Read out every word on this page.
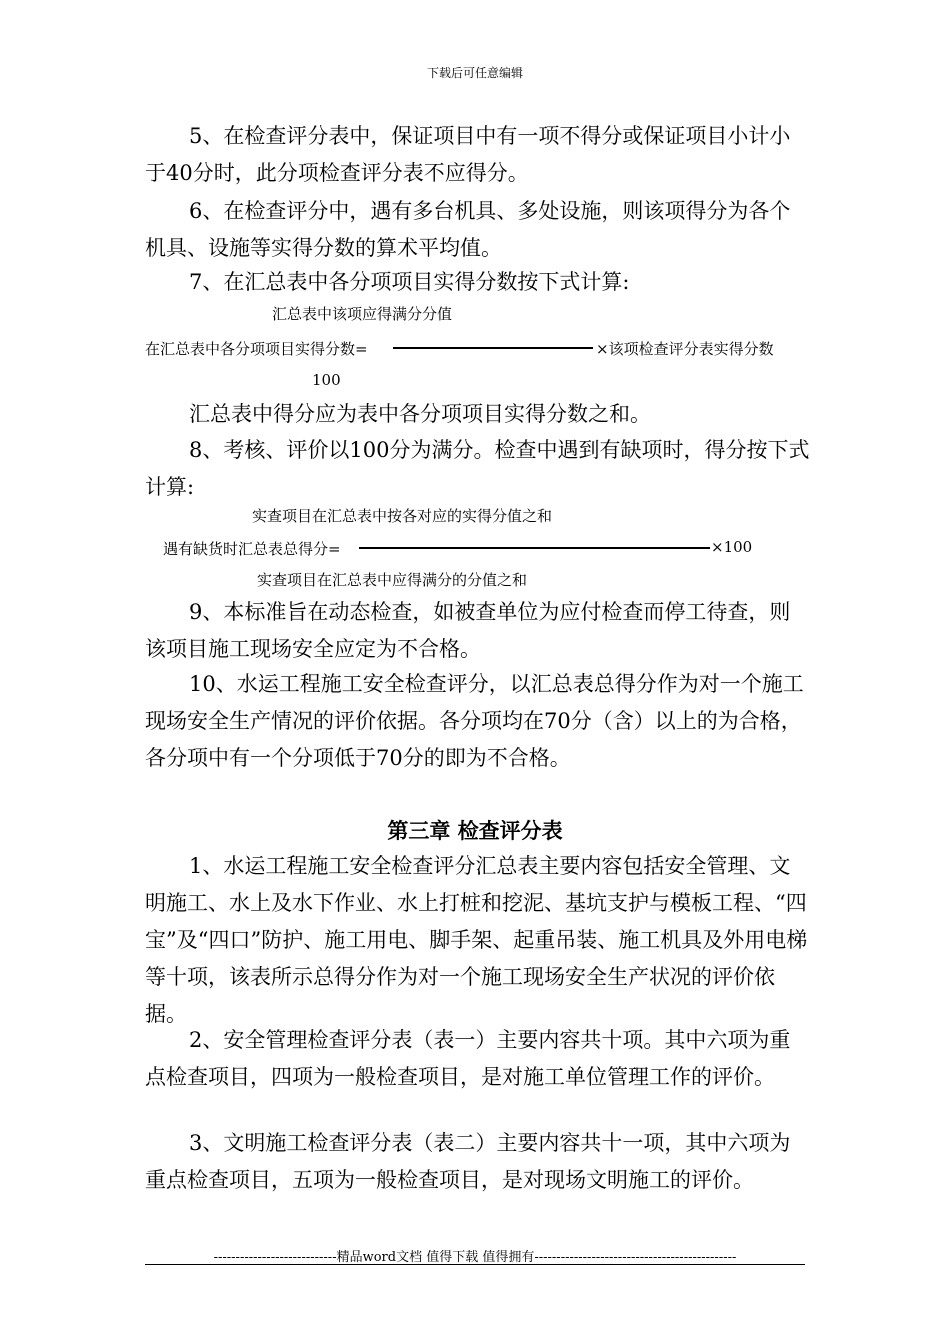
下载后可任意编辑

5、在检查评分表中，保证项目中有一项不得分或保证项目小计小于40分时，此分项检查评分表不应得分。

6、在检查评分中，遇有多台机具、多处设施，则该项得分为各个机具、设施等实得分数的算术平均值。

7、在汇总表中各分项项目实得分数按下式计算:

汇总表中该项应得满分分值
在汇总表中各分项项目实得分数=	×该项检查评分表实得分数
100

汇总表中得分应为表中各分项项目实得分数之和。

8、考核、评价以100分为满分。检查中遇到有缺项时，得分按下式计算:

实查项目在汇总表中按各对应的实得分值之和
遇有缺货时汇总表总得分=	×100
实查项目在汇总表中应得满分的分值之和

9、本标准旨在动态检查，如被查单位为应付检查而停工待查，则该项目施工现场安全应定为不合格。

10、水运工程施工安全检查评分，以汇总表总得分作为对一个施工现场安全生产情况的评价依据。各分项均在70分（含）以上的为合格，各分项中有一个分项低于70分的即为不合格。

第三章 检查评分表

1、水运工程施工安全检查评分汇总表主要内容包括安全管理、文明施工、水上及水下作业、水上打桩和挖泥、基坑支护与模板工程、“四宝”及“四口”防护、施工用电、脚手架、起重吊装、施工机具及外用电梯等十项，该表所示总得分作为对一个施工现场安全生产状况的评价依据。

2、安全管理检查评分表（表一）主要内容共十项。其中六项为重点检查项目，四项为一般检查项目，是对施工单位管理工作的评价。

3、文明施工检查评分表（表二）主要内容共十一项，其中六项为重点检查项目，五项为一般检查项目，是对现场文明施工的评价。

----------------------------精品word文档 值得下载 值得拥有----------------------------------------------
